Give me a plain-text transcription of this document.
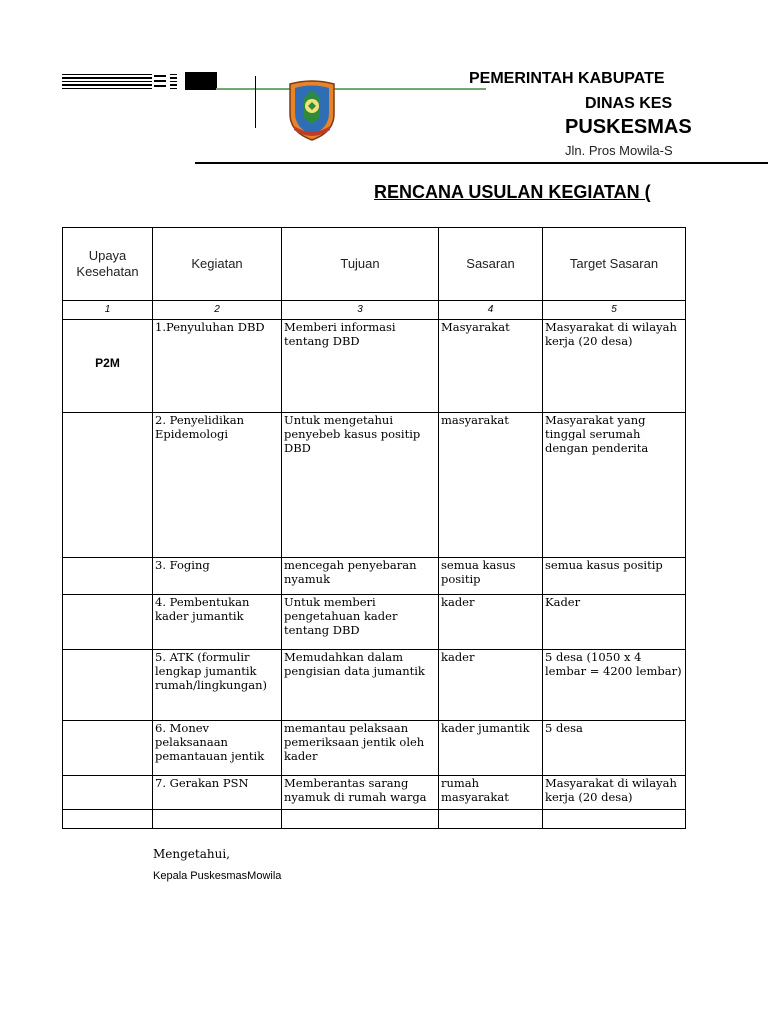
PEMERINTAH KABUPATE
DINAS KES
PUSKESMAS
Jln. Pros Mowila-S
RENCANA USULAN KEGIATAN (
Upaya Kesehatan	Kegiatan	Tujuan	Sasaran	Target Sasaran
1	2	3	4	5

P2M	1.Penyuluhan DBD	Memberi informasi tentang DBD	Masyarakat	Masyarakat di wilayah kerja (20 desa)
	2. Penyelidikan Epidemologi	Untuk mengetahui penyebeb kasus positip DBD	masyarakat	Masyarakat yang tinggal serumah dengan penderita
	3. Foging	mencegah penyebaran nyamuk	semua kasus positip	semua kasus positip
	4. Pembentukan kader jumantik	Untuk memberi pengetahuan kader tentang DBD	kader	Kader
	5. ATK (formulir lengkap jumantik rumah/lingkungan)	Memudahkan dalam pengisian data jumantik	kader	5 desa (1050 x 4 lembar = 4200 lembar)
	6. Monev pelaksanaan pemantauan jentik	memantau pelaksaan pemeriksaan jentik oleh kader	kader jumantik	5 desa
	7. Gerakan PSN	Memberantas sarang nyamuk di rumah warga	rumah masyarakat	Masyarakat di wilayah kerja (20 desa)

Mengetahui,
Kepala PuskesmasMowila
